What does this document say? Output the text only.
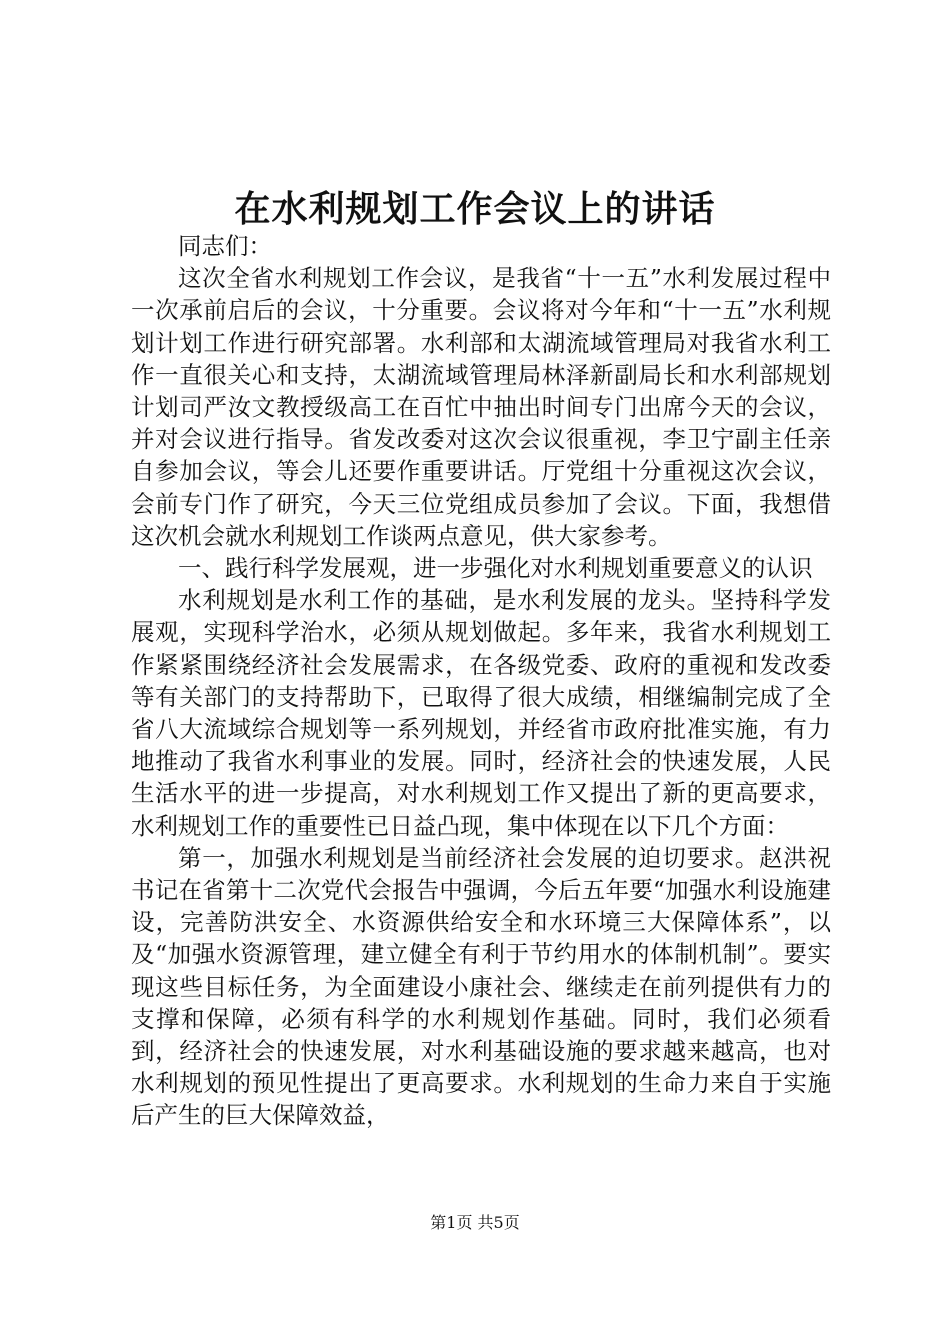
在水利规划工作会议上的讲话

同志们：

这次全省水利规划工作会议，是我省“十一五”水利发展过程中一次承前启后的会议，十分重要。会议将对今年和“十一五”水利规划计划工作进行研究部署。水利部和太湖流域管理局对我省水利工作一直很关心和支持，太湖流域管理局林泽新副局长和水利部规划计划司严汝文教授级高工在百忙中抽出时间专门出席今天的会议，并对会议进行指导。省发改委对这次会议很重视，李卫宁副主任亲自参加会议，等会儿还要作重要讲话。厅党组十分重视这次会议，会前专门作了研究，今天三位党组成员参加了会议。下面，我想借这次机会就水利规划工作谈两点意见，供大家参考。

一、践行科学发展观，进一步强化对水利规划重要意义的认识

水利规划是水利工作的基础，是水利发展的龙头。坚持科学发展观，实现科学治水，必须从规划做起。多年来，我省水利规划工作紧紧围绕经济社会发展需求，在各级党委、政府的重视和发改委等有关部门的支持帮助下，已取得了很大成绩，相继编制完成了全省八大流域综合规划等一系列规划，并经省市政府批准实施，有力地推动了我省水利事业的发展。同时，经济社会的快速发展，人民生活水平的进一步提高，对水利规划工作又提出了新的更高要求，水利规划工作的重要性已日益凸现，集中体现在以下几个方面：

第一，加强水利规划是当前经济社会发展的迫切要求。赵洪祝书记在省第十二次党代会报告中强调，今后五年要“加强水利设施建设，完善防洪安全、水资源供给安全和水环境三大保障体系”，以及“加强水资源管理，建立健全有利于节约用水的体制机制”。要实现这些目标任务，为全面建设小康社会、继续走在前列提供有力的支撑和保障，必须有科学的水利规划作基础。同时，我们必须看到，经济社会的快速发展，对水利基础设施的要求越来越高，也对水利规划的预见性提出了更高要求。水利规划的生命力来自于实施后产生的巨大保障效益，

第1页 共5页
